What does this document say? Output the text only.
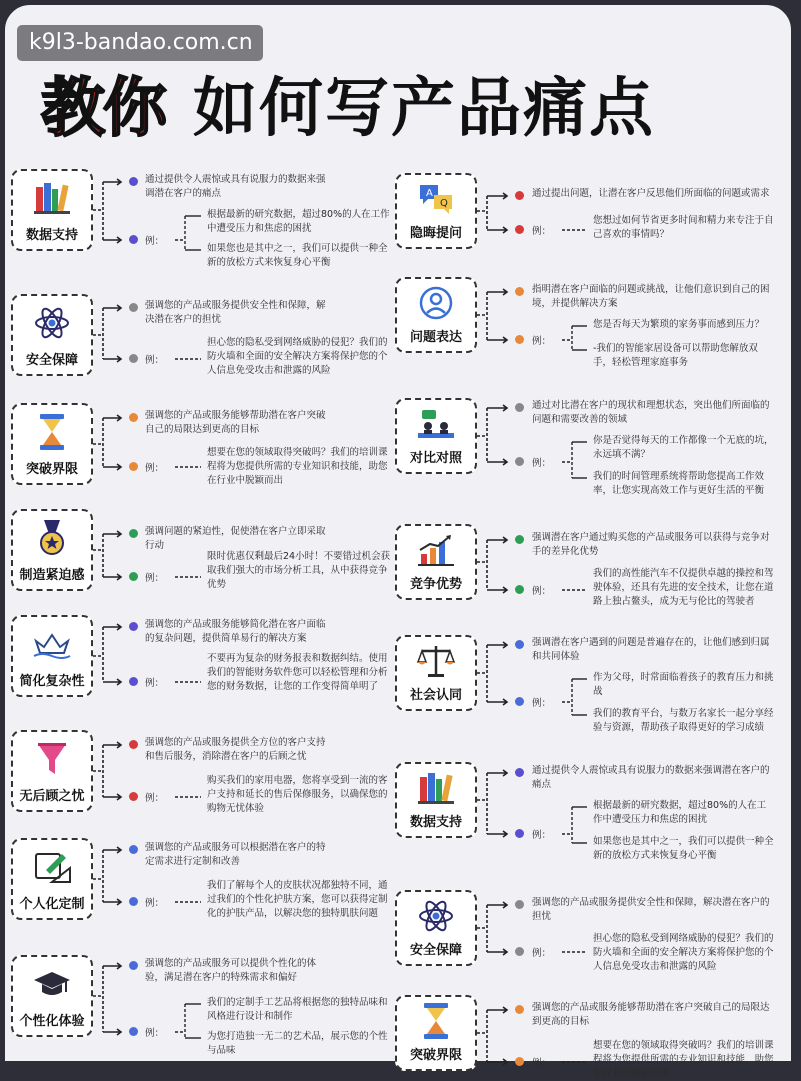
k9l3-bandao.com.cn
教你 如何写产品痛点
数据支持
通过提供令人震惊或具有说服力的数据来强调潜在客户的痛点
例：
根据最新的研究数据，超过80%的人在工作中遭受压力和焦虑的困扰
如果您也是其中之一，我们可以提供一种全新的放松方式来恢复身心平衡
安全保障
强调您的产品或服务提供安全性和保障，解决潜在客户的担忧
例：
担心您的隐私受到网络威胁的侵犯？我们的防火墙和全面的安全解决方案将保护您的个人信息免受攻击和泄露的风险
突破界限
强调您的产品或服务能够帮助潜在客户突破自己的局限达到更高的目标
例：
想要在您的领域取得突破吗？我们的培训课程将为您提供所需的专业知识和技能，助您在行业中脱颖而出
制造紧迫感
强调问题的紧迫性，促使潜在客户立即采取行动
例：
限时优惠仅剩最后24小时！不要错过机会获取我们强大的市场分析工具，从中获得竞争优势
简化复杂性
强调您的产品或服务能够简化潜在客户面临的复杂问题，提供简单易行的解决方案
例：
不要再为复杂的财务报表和数据纠结。使用我们的智能财务软件您可以轻松管理和分析您的财务数据，让您的工作变得简单明了
无后顾之忧
强调您的产品或服务提供全方位的客户支持和售后服务，消除潜在客户的后顾之忧
例：
购买我们的家用电器，您将享受到一流的客户支持和延长的售后保修服务，以确保您的购物无忧体验
个人化定制
强调您的产品或服务可以根据潜在客户的特定需求进行定制和改善
例：
我们了解每个人的皮肤状况都独特不同，通过我们的个性化护肤方案，您可以获得定制化的护肤产品，以解决您的独特肌肤问题
个性化体验
强调您的产品或服务可以提供个性化的体验，满足潜在客户的特殊需求和偏好
例：
我们的定制手工艺品将根据您的独特品味和风格进行设计和制作
为您打造独一无二的艺术品，展示您的个性与品味
A
Q
隐晦提问
通过提出问题，让潜在客户反思他们所面临的问题或需求
例：
您想过如何节省更多时间和精力来专注于自己喜欢的事情吗？
问题表达
指明潜在客户面临的问题或挑战，让他们意识到自己的困境，并提供解决方案
例：
您是否每天为繁琐的家务事而感到压力？
-我们的智能家居设备可以帮助您解放双手，轻松管理家庭事务
对比对照
通过对比潜在客户的现状和理想状态，突出他们所面临的问题和需要改善的领域
例：
你是否觉得每天的工作都像一个无底的坑，永远填不满？
我们的时间管理系统将帮助您提高工作效率，让您实现高效工作与更好生活的平衡
竞争优势
强调潜在客户通过购买您的产品或服务可以获得与竞争对手的差异化优势
例：
我们的高性能汽车不仅提供卓越的操控和驾驶体验，还具有先进的安全技术，让您在道路上独占鳌头，成为无与伦比的驾驶者
社会认同
强调潜在客户遇到的问题是普遍存在的，让他们感到归属和共同体验
例：
作为父母，时常面临着孩子的教育压力和挑战
我们的教育平台，与数万名家长一起分享经验与资源，帮助孩子取得更好的学习成绩
数据支持
通过提供令人震惊或具有说服力的数据来强调潜在客户的痛点
例：
根据最新的研究数据，超过80%的人在工作中遭受压力和焦虑的困扰
如果您也是其中之一，我们可以提供一种全新的放松方式来恢复身心平衡
安全保障
强调您的产品或服务提供安全性和保障，解决潜在客户的担忧
例：
担心您的隐私受到网络威胁的侵犯？我们的防火墙和全面的安全解决方案将保护您的个人信息免受攻击和泄露的风险
突破界限
强调您的产品或服务能够帮助潜在客户突破自己的局限达到更高的目标
例：
想要在您的领域取得突破吗？我们的培训课程将为您提供所需的专业知识和技能，助您在行业中脱颖而出
